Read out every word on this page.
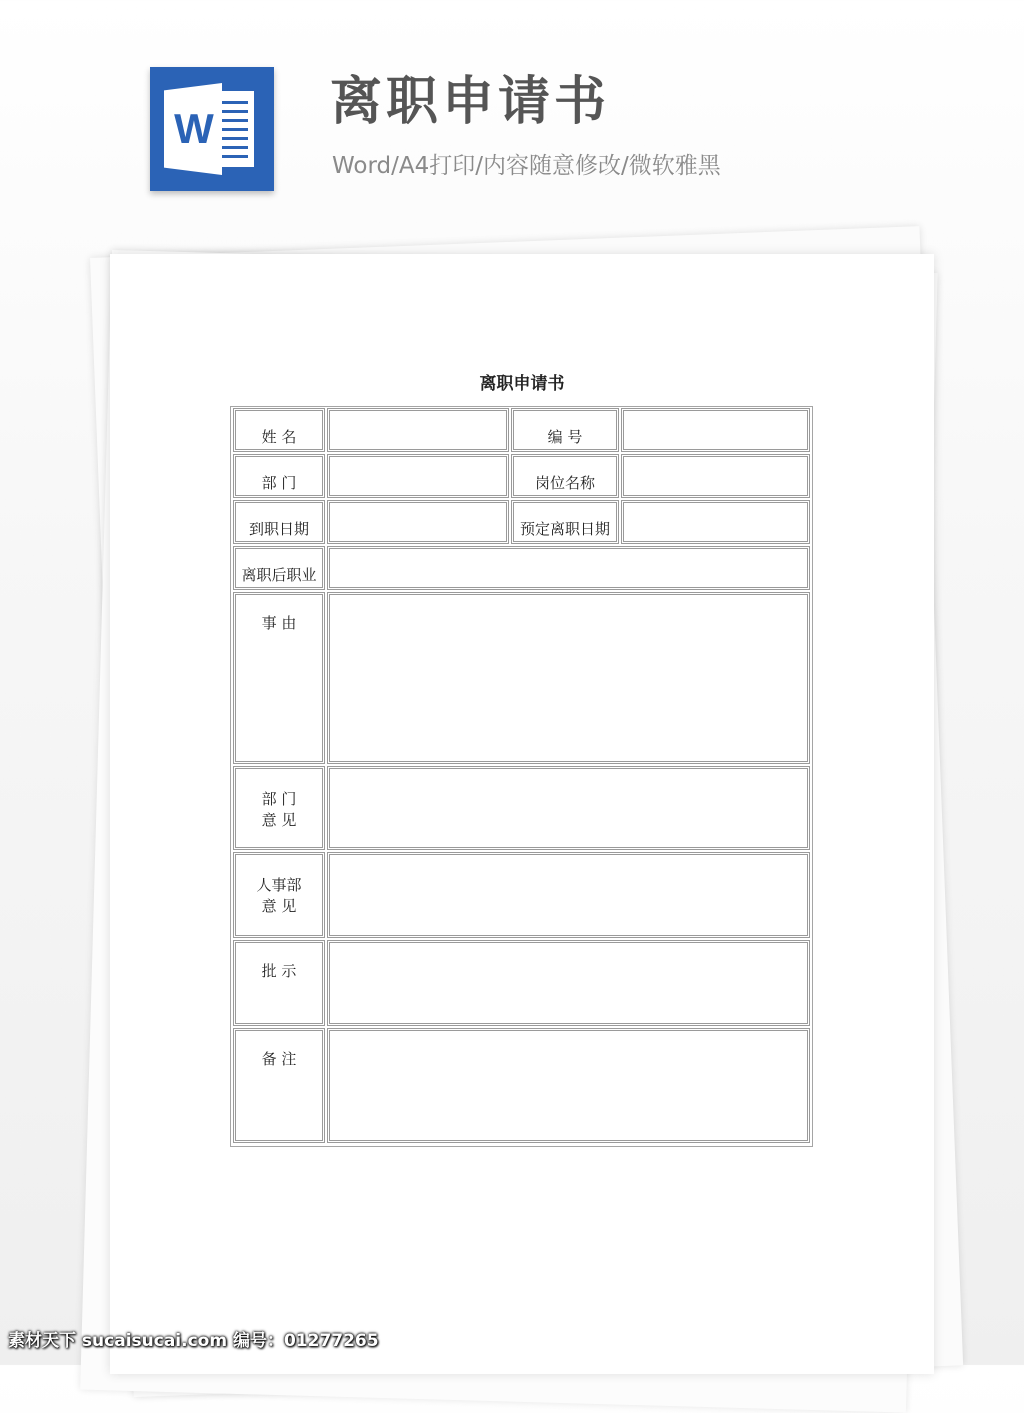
W 离职申请书
Word/A4打印/内容随意修改/微软雅黑
离职申请书
姓 名	编 号
部 门	岗位名称
到职日期	预定离职日期
离职后职业
事 由
部 门
意 见
人事部
意 见
批 示
备 注
素材天下 sucaisucai.com 编号：01277265
